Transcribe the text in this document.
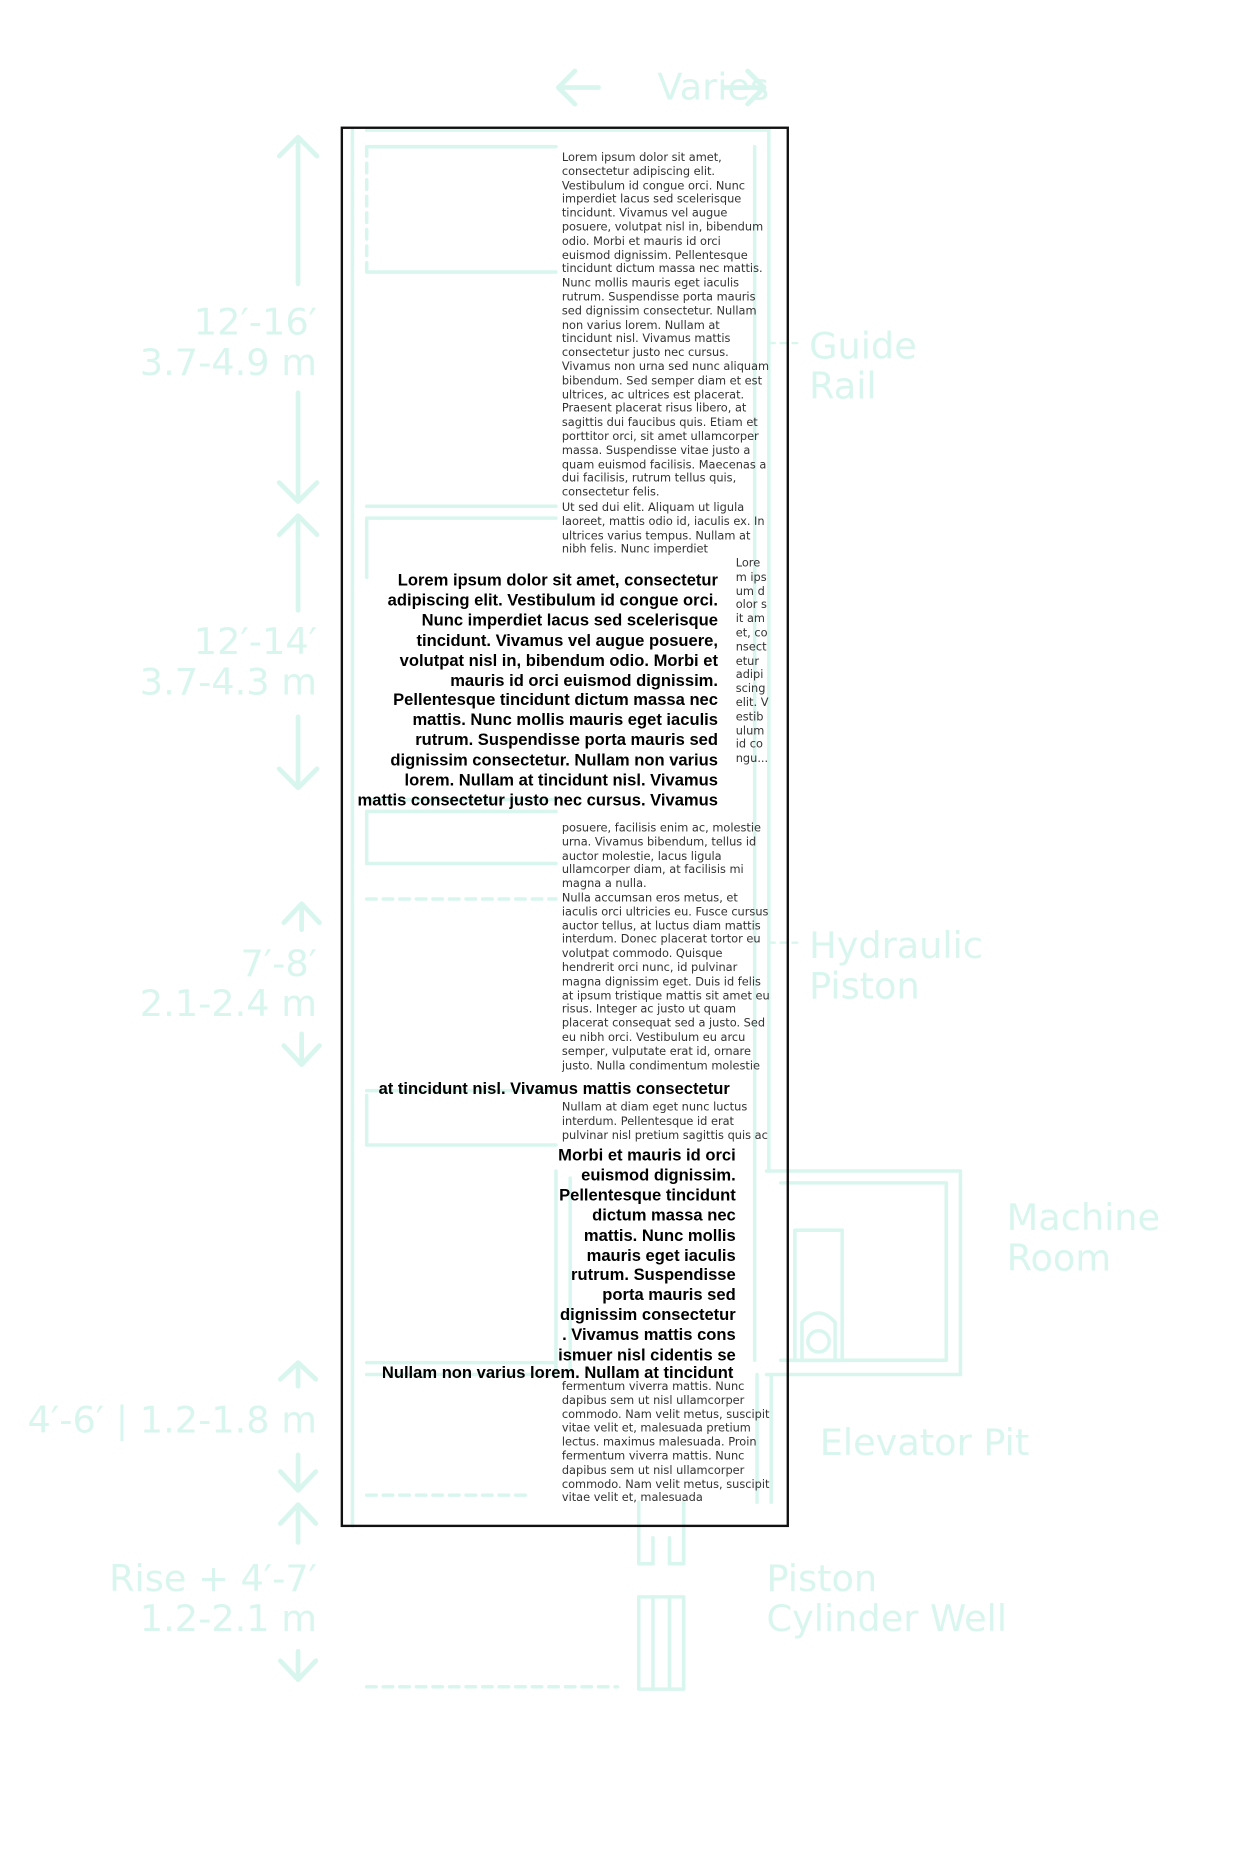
Varies
12′-16′
3.7-4.9 m
12′-14′
3.7-4.3 m
7′-8′
2.1-2.4 m
4′-6′ | 1.2-1.8 m
Rise + 4′-7′
1.2-2.1 m
Guide
Rail
Hydraulic
Piston
Machine
Room
Elevator Pit
Piston
Cylinder Well

Lorem ipsum dolor sit amet, consectetur adipiscing elit. Vestibulum id congue orci. Nunc imperdiet lacus sed scelerisque tincidunt. Vivamus vel augue posuere, volutpat nisl in, bibendum odio. Morbi et mauris id orci euismod dignissim. Pellentesque tincidunt dictum massa nec mattis. Nunc mollis mauris eget iaculis rutrum. Suspendisse porta mauris sed dignissim consectetur. Nullam non varius lorem. Nullam at tincidunt nisl. Vivamus mattis consectetur justo nec cursus. Vivamus non urna sed nunc aliquam bibendum. Sed semper diam et est ultrices, ac ultrices est placerat. Praesent placerat risus libero, at sagittis dui faucibus quis. Etiam et porttitor orci, sit amet ullamcorper massa. Suspendisse vitae justo a quam euismod facilisis. Maecenas a dui facilisis, rutrum tellus quis, consectetur felis.

Ut sed dui elit. Aliquam ut ligula laoreet, mattis odio id, iaculis ex. In ultrices varius tempus. Nullam at nibh felis. Nunc imperdiet

Lorem ipsum dolor sit amet, consectetur adipiscing elit. Vestibulum id congue orci. Nunc imperdiet lacus sed scelerisque tincidunt. Vivamus vel augue posuere, volutpat nisl in, bibendum odio. Morbi et mauris id orci euismod dignissim. Pellentesque tincidunt dictum massa nec mattis. Nunc mollis mauris eget iaculis rutrum. Suspendisse porta mauris sed dignissim consectetur. Nullam non varius lorem. Nullam at tincidunt nisl. Vivamus mattis consectetur justo nec cursus. Vivamus

Lorem ipsum dolor sit amet, consectetur adipiscing elit. Vestibulum id congu...

posuere, facilisis enim ac, molestie urna. Vivamus bibendum, tellus id auctor molestie, lacus ligula ullamcorper diam, at facilisis mi magna a nulla.

Nulla accumsan eros metus, et iaculis orci ultricies eu. Fusce cursus auctor tellus, at luctus diam mattis interdum. Donec placerat tortor eu volutpat commodo. Quisque hendrerit orci nunc, id pulvinar magna dignissim eget. Duis id felis at ipsum tristique mattis sit amet eu risus. Integer ac justo ut quam placerat consequat sed a justo. Sed eu nibh orci. Vestibulum eu arcu semper, vulputate erat id, ornare justo. Nulla condimentum molestie

at tincidunt nisl. Vivamus mattis consectetur

Nullam at diam eget nunc luctus interdum. Pellentesque id erat pulvinar nisl pretium sagittis quis ac

Morbi et mauris id orci euismod dignissim. Pellentesque tincidunt dictum massa nec mattis. Nunc mollis mauris eget iaculis rutrum. Suspendisse porta mauris sed dignissim consectetur . Vivamus mattis cons ismuer nisl cidentis se

Nullam non varius lorem. Nullam at tincidunt

fermentum viverra mattis. Nunc dapibus sem ut nisl ullamcorper commodo. Nam velit metus, suscipit vitae velit et, malesuada pretium lectus. maximus malesuada. Proin fermentum viverra mattis. Nunc dapibus sem ut nisl ullamcorper commodo. Nam velit metus, suscipit vitae velit et, malesuada
